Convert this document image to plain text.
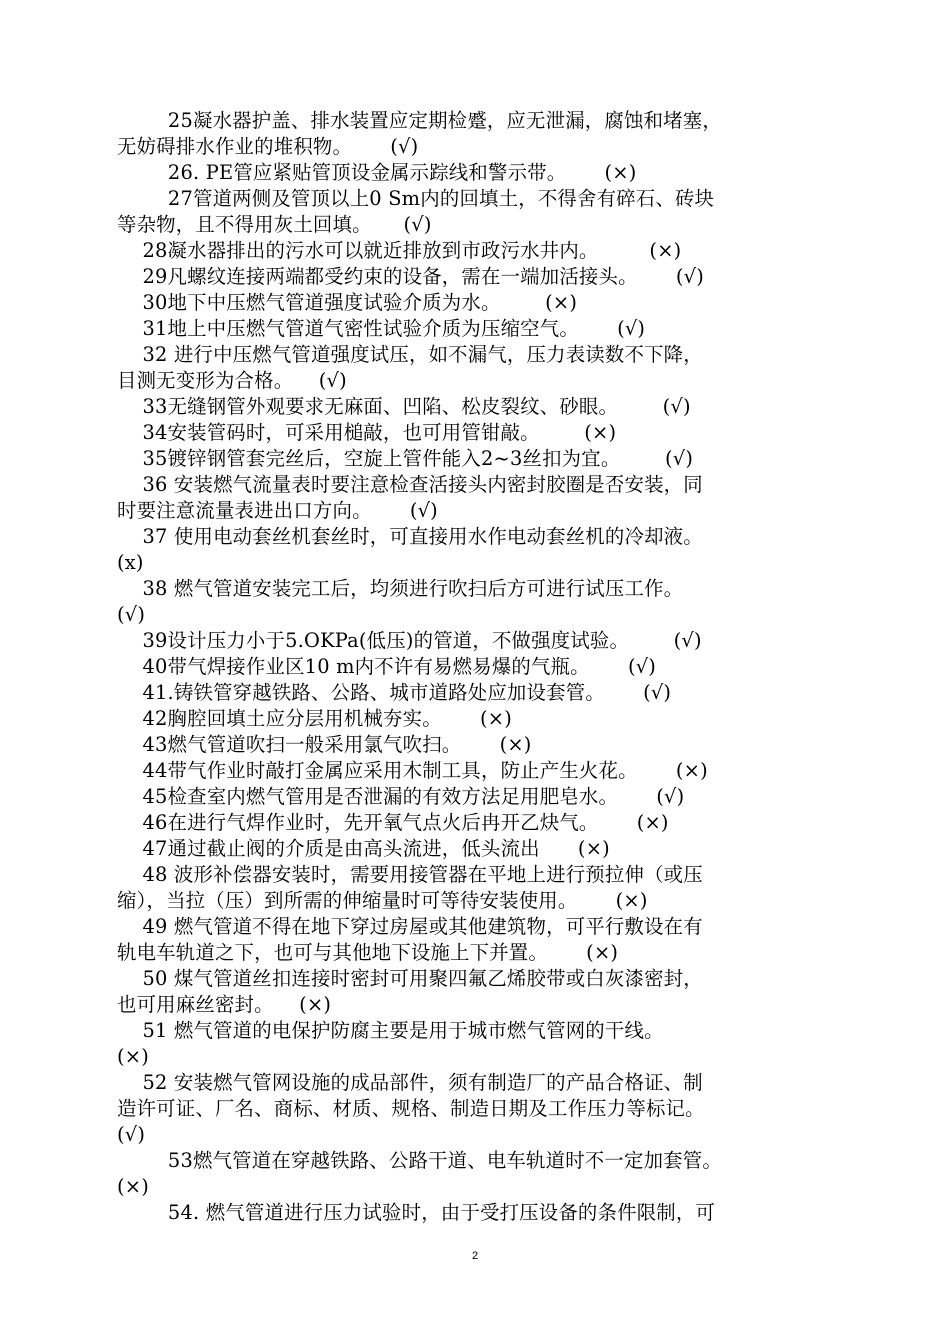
25凝水器护盖、排水装置应定期检蹙，应无泄漏，腐蚀和堵塞，
无妨碍排水作业的堆积物。      (√)
26. PE管应紧贴管顶设金属示踪线和警示带。      (×)
27管道两侧及管顶以上0 Sm内的回填土，不得舍有碎石、砖块
等杂物，且不得用灰土回填。     (√)
28凝水器排出的污水可以就近排放到市政污水井内。        (×)
29凡螺纹连接两端都受约束的设备，需在一端加活接头。      (√)
30地下中压燃气管道强度试验介质为水。       (×)
31地上中压燃气管道气密性试验介质为压缩空气。      (√)
32 进行中压燃气管道强度试压，如不漏气，压力表读数不下降，
目测无变形为合格。    (√)
33无缝钢管外观要求无麻面、凹陷、松皮裂纹、砂眼。       (√)
34安装管码时，可采用槌敲，也可用管钳敲。       (×)
35镀锌钢管套完丝后，空旋上管件能入2~3丝扣为宜。       (√)
36 安装燃气流量表时要注意检查活接头内密封胶圈是否安装，同
时要注意流量表进出口方向。      (√)
37 使用电动套丝机套丝时，可直接用水作电动套丝机的冷却液。
(x)
38 燃气管道安装完工后，均须进行吹扫后方可进行试压工作。
(√)
39设计压力小于5.OKPa(低压)的管道，不做强度试验。       (√)
40带气焊接作业区10 m内不许有易燃易爆的气瓶。      (√)
41.铸铁管穿越铁路、公路、城市道路处应加设套管。      (√)
42胸腔回填土应分层用机械夯实。      (×)
43燃气管道吹扫一般采用氯气吹扫。      (×)
44带气作业时敲打金属应采用木制工具，防止产生火花。      (×)
45检查室内燃气管用是否泄漏的有效方法足用肥皂水。      (√)
46在进行气焊作业时，先开氧气点火后冉开乙炔气。      (×)
47通过截止阀的介质是由高头流进，低头流出      (×)
48 波形补偿器安装时，需要用接管器在平地上进行预拉伸（或压
缩），当拉（压）到所需的伸缩量时可等待安装使用。      (×)
49 燃气管道不得在地下穿过房屋或其他建筑物，可平行敷设在有
轨电车轨道之下，也可与其他地下设施上下并置。      (×)
50 煤气管道丝扣连接时密封可用聚四氟乙烯胶带或白灰漆密封，
也可用麻丝密封。    (×)
51 燃气管道的电保护防腐主要是用于城市燃气管网的干线。
(×)
52 安装燃气管网设施的成品部件，须有制造厂的产品合格证、制
造许可证、厂名、商标、材质、规格、制造日期及工作压力等标记。
(√)
53燃气管道在穿越铁路、公路干道、电车轨道时不一定加套管。
(×)
54. 燃气管道进行压力试验时，由于受打压设备的条件限制，可
2
